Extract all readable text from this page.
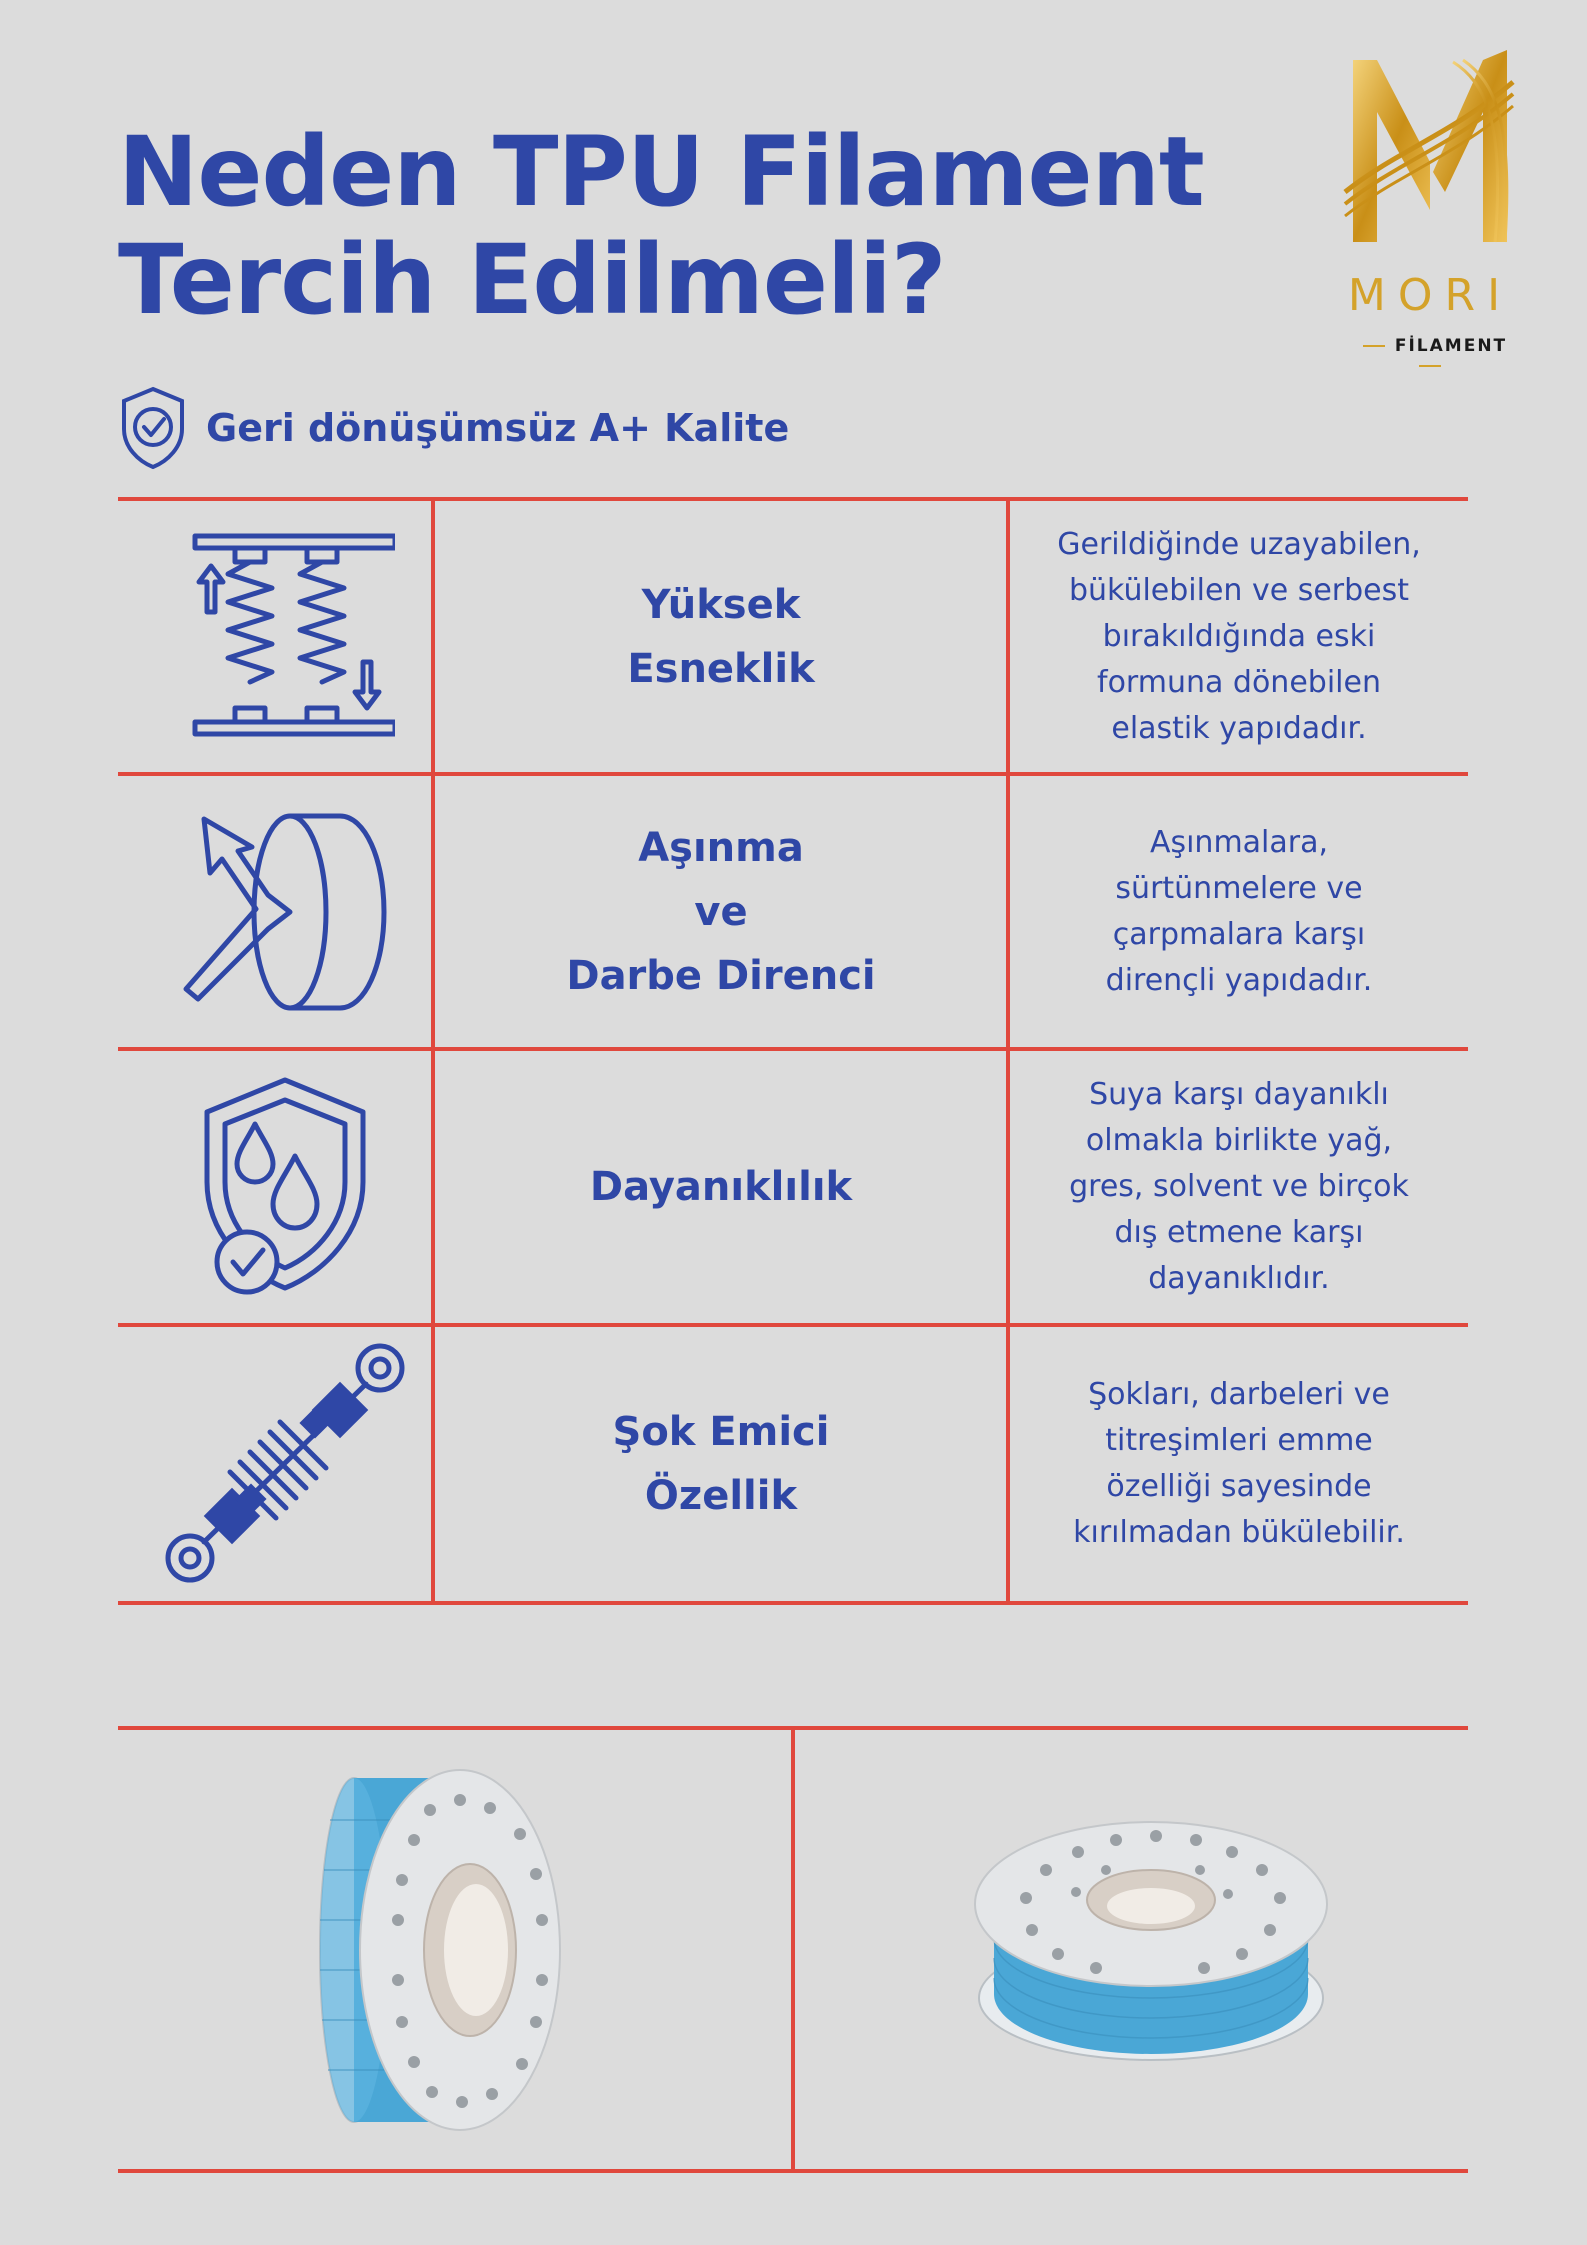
Neden TPU Filament
Tercih Edilmeli?	MORI
FİLAMENT
Geri dönüşümsüz A+ Kalite
Yüksek
Esneklik
Gerildiğinde uzayabilen,
bükülebilen ve serbest
bırakıldığında eski
formuna dönebilen
elastik yapıdadır.
Aşınma
ve
Darbe Direnci
Aşınmalara,
sürtünmelere ve
çarpmalara karşı
dirençli yapıdadır.
Dayanıklılık
Suya karşı dayanıklı
olmakla birlikte yağ,
gres, solvent ve birçok
dış etmene karşı
dayanıklıdır.
Şok Emici
Özellik
Şokları, darbeleri ve
titreşimleri emme
özelliği sayesinde
kırılmadan bükülebilir.
